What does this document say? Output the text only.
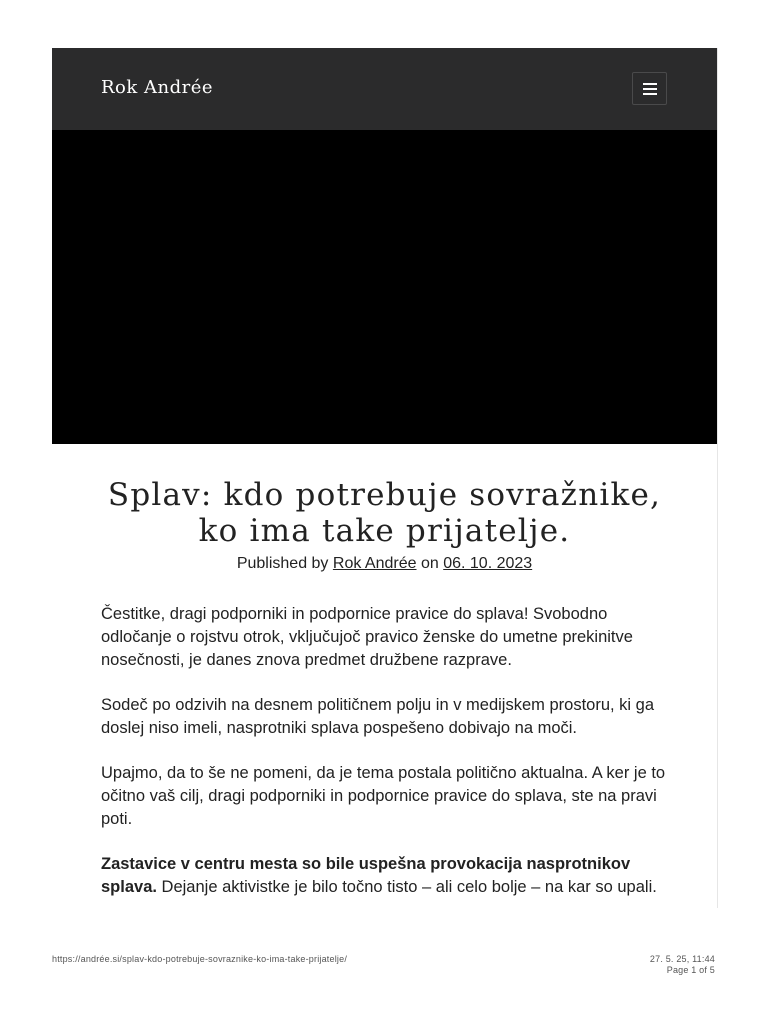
Rok Andrée
Splav: kdo potrebuje sovražnike, ko ima take prijatelje.
Published by Rok Andrée on 06. 10. 2023

Čestitke, dragi podporniki in podpornice pravice do splava! Svobodno odločanje o rojstvu otrok, vključujoč pravico ženske do umetne prekinitve nosečnosti, je danes znova predmet družbene razprave.

Sodeč po odzivih na desnem političnem polju in v medijskem prostoru, ki ga doslej niso imeli, nasprotniki splava pospešeno dobivajo na moči.

Upajmo, da to še ne pomeni, da je tema postala politično aktualna. A ker je to očitno vaš cilj, dragi podporniki in podpornice pravice do splava, ste na pravi poti.

Zastavice v centru mesta so bile uspešna provokacija nasprotnikov splava. Dejanje aktivistke je bilo točno tisto – ali celo bolje – na kar so upali.

https://andrée.si/splav-kdo-potrebuje-sovraznike-ko-ima-take-prijatelje/	27. 5. 25, 11:44
Page 1 of 5
